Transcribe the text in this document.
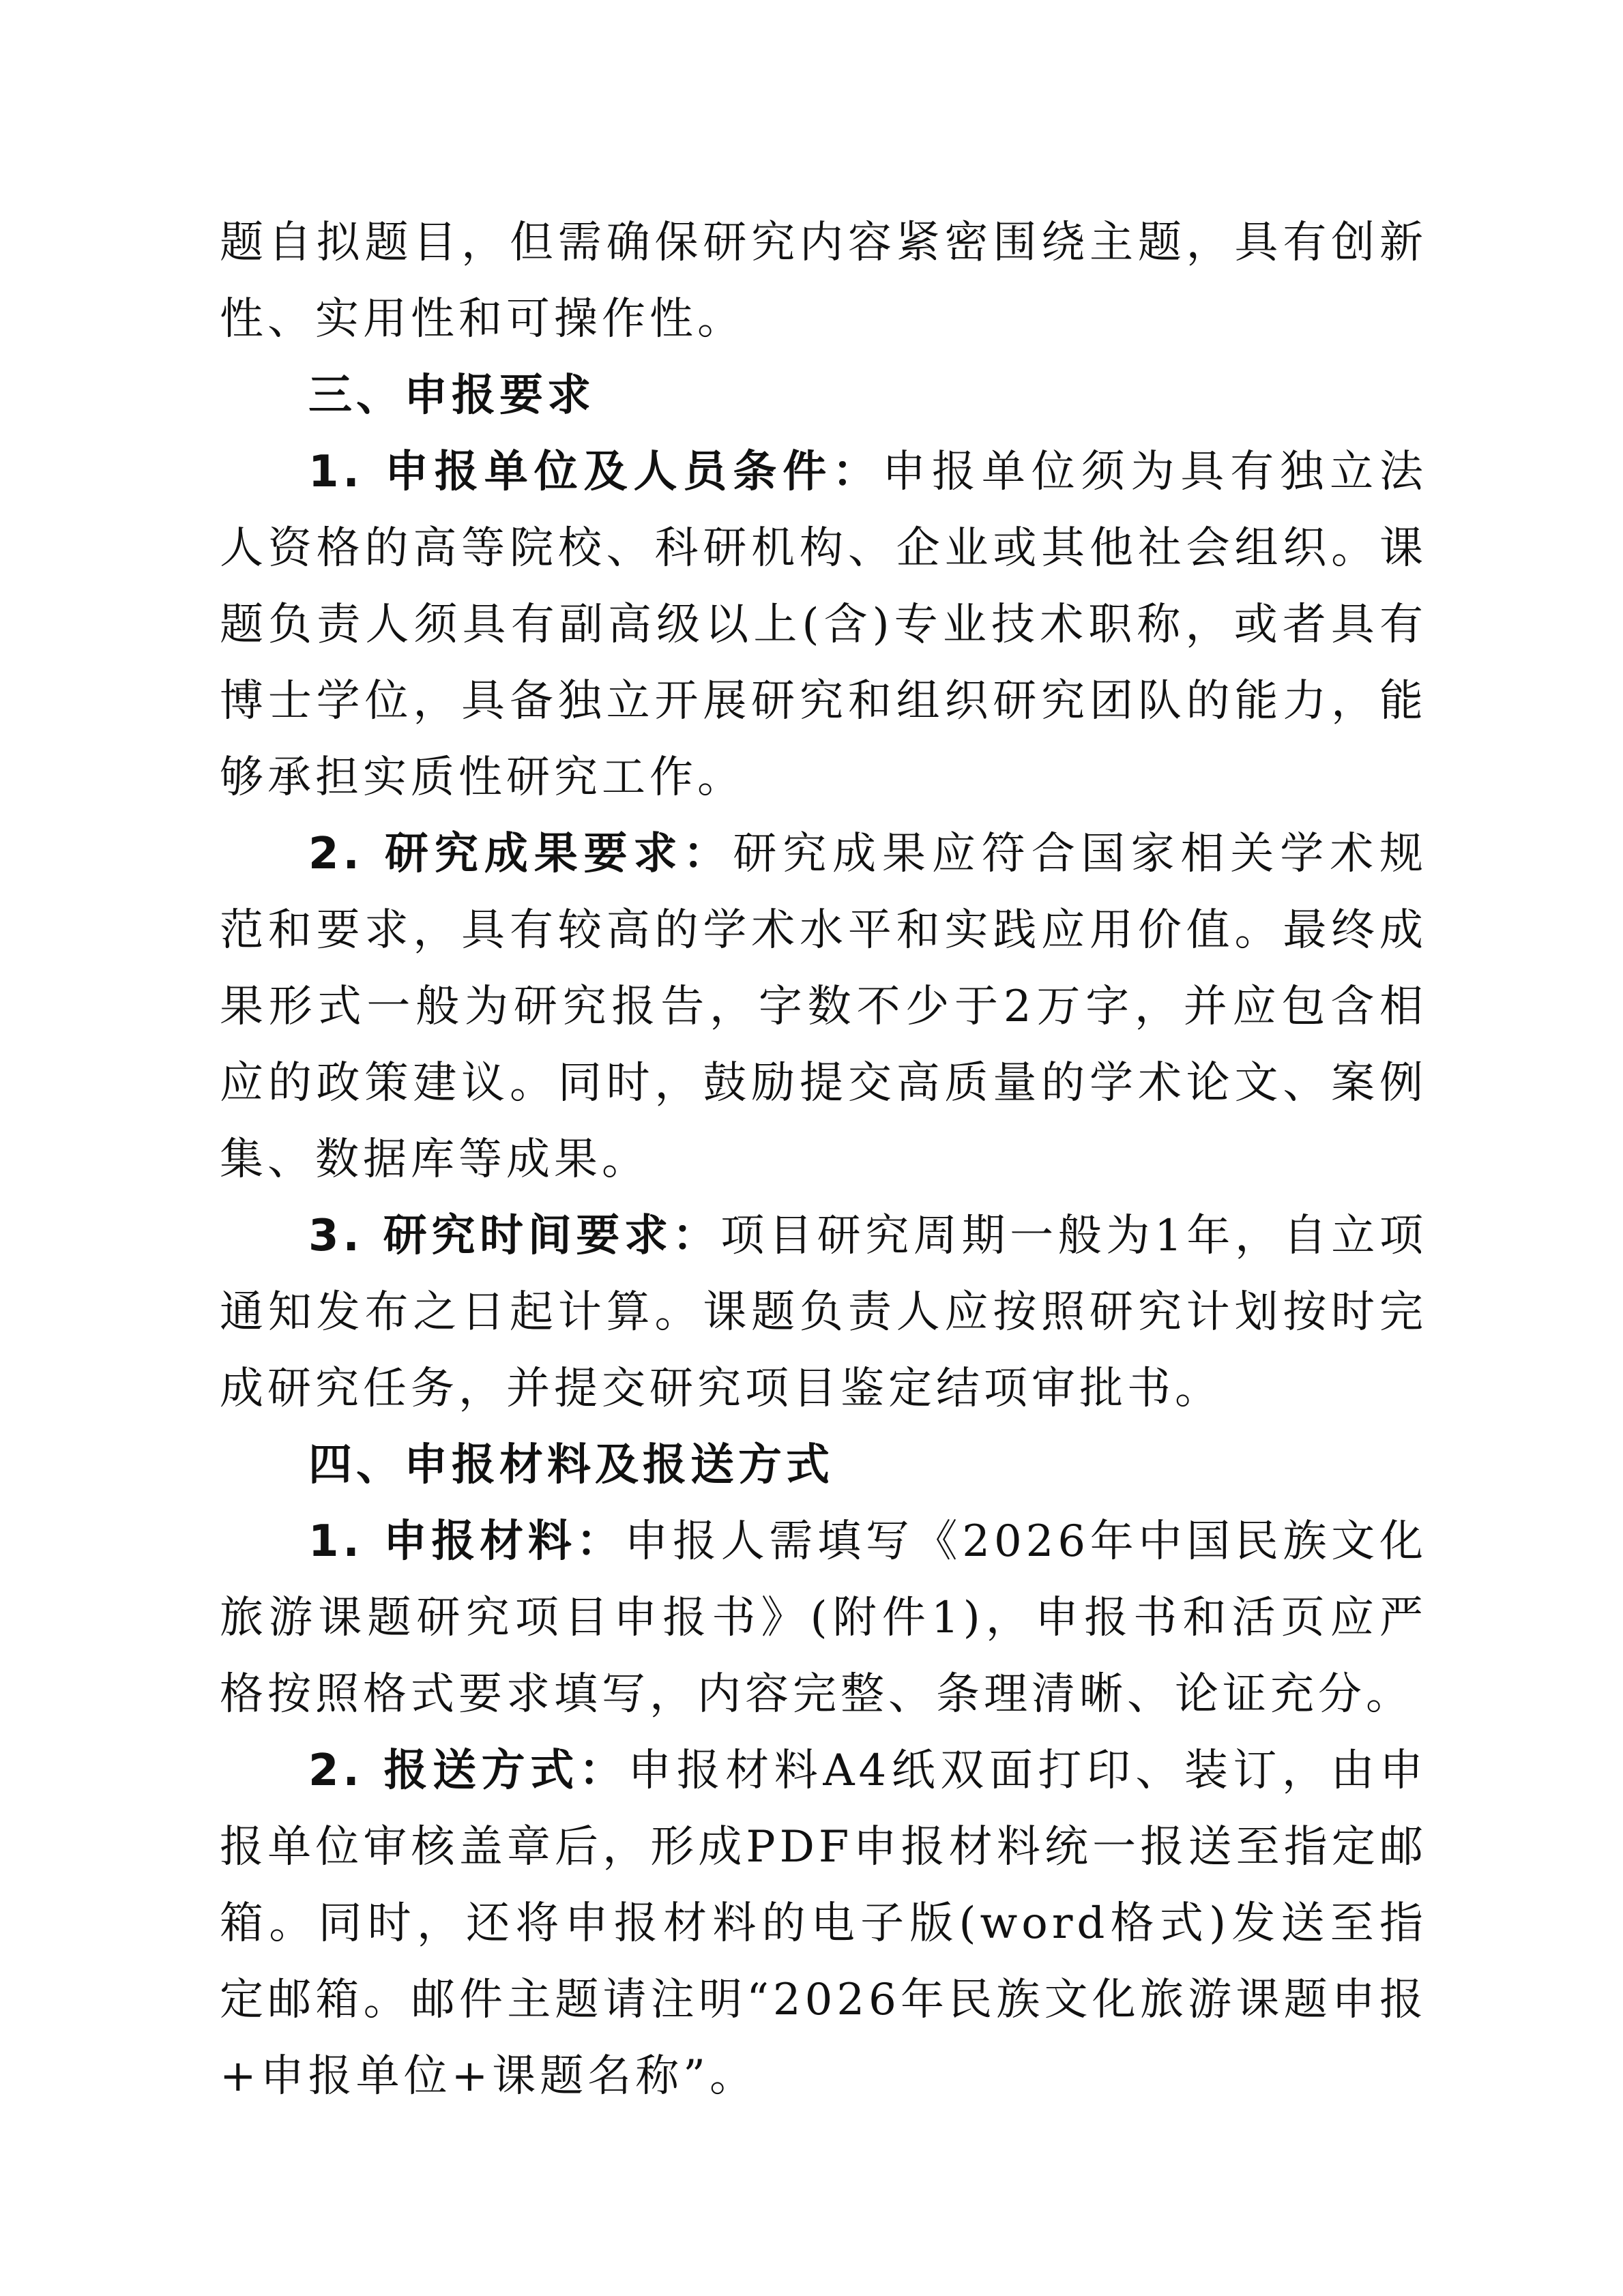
题自拟题目，但需确保研究内容紧密围绕主题，具有创新性、实用性和可操作性。

三、申报要求

1. 申报单位及人员条件：申报单位须为具有独立法人资格的高等院校、科研机构、企业或其他社会组织。课题负责人须具有副高级以上(含)专业技术职称，或者具有博士学位，具备独立开展研究和组织研究团队的能力，能够承担实质性研究工作。

2. 研究成果要求：研究成果应符合国家相关学术规范和要求，具有较高的学术水平和实践应用价值。最终成果形式一般为研究报告，字数不少于2万字，并应包含相应的政策建议。同时，鼓励提交高质量的学术论文、案例集、数据库等成果。

3. 研究时间要求：项目研究周期一般为1年，自立项通知发布之日起计算。课题负责人应按照研究计划按时完成研究任务，并提交研究项目鉴定结项审批书。

四、申报材料及报送方式

1. 申报材料：申报人需填写《2026年中国民族文化旅游课题研究项目申报书》(附件1)，申报书和活页应严格按照格式要求填写，内容完整、条理清晰、论证充分。

2. 报送方式：申报材料A4纸双面打印、装订，由申报单位审核盖章后，形成PDF申报材料统一报送至指定邮箱。同时，还将申报材料的电子版(word格式)发送至指定邮箱。邮件主题请注明“2026年民族文化旅游课题申报+申报单位+课题名称”。
